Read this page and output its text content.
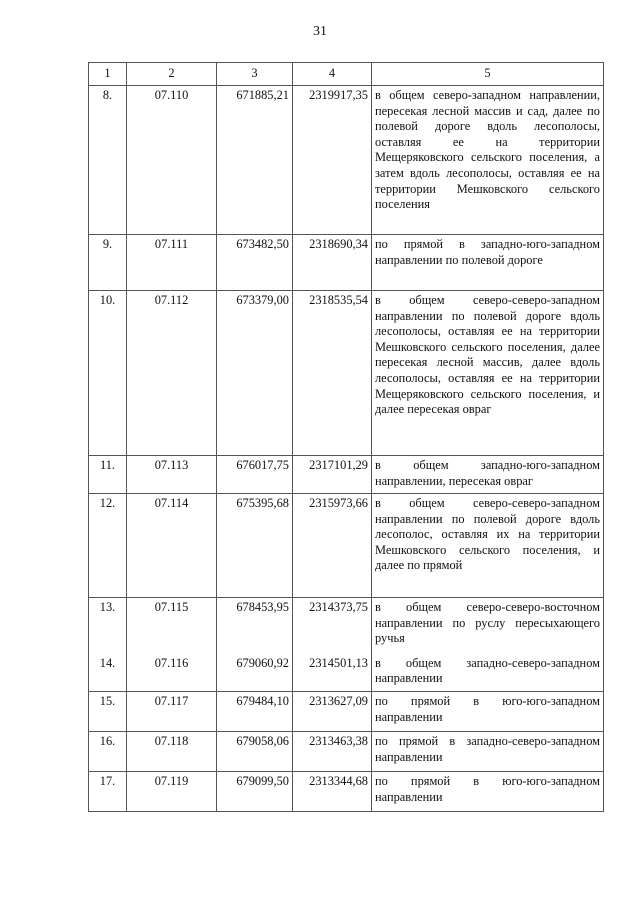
31
1	2	3	4	5
8.	07.110	671885,21	2319917,35	в общем северо-западном направлении, пересекая лесной массив и сад, далее по полевой дороге вдоль лесополосы, оставляя ее на территории Мещеряковского сельского поселения, а затем вдоль лесополосы, оставляя ее на территории Мешковского сельского поселения
9.	07.111	673482,50	2318690,34	по прямой в западно-юго-западном направлении по полевой дороге
10.	07.112	673379,00	2318535,54	в общем северо-северо-западном направлении по полевой дороге вдоль лесополосы, оставляя ее на территории Мешковского сельского поселения, далее пересекая лесной массив, далее вдоль лесополосы, оставляя ее на территории Мещеряковского сельского поселения, и далее пересекая овраг
11.	07.113	676017,75	2317101,29	в общем западно-юго-западном направлении, пересекая овраг
12.	07.114	675395,68	2315973,66	в общем северо-северо-западном направлении по полевой дороге вдоль лесополос, оставляя их на территории Мешковского сельского поселения, и далее по прямой
13.	07.115	678453,95	2314373,75	в общем северо-северо-восточном направлении по руслу пересыхающего ручья
14.	07.116	679060,92	2314501,13	в общем западно-северо-западном направлении
15.	07.117	679484,10	2313627,09	по прямой в юго-юго-западном направлении
16.	07.118	679058,06	2313463,38	по прямой в западно-северо-западном направлении
17.	07.119	679099,50	2313344,68	по прямой в юго-юго-западном направлении
